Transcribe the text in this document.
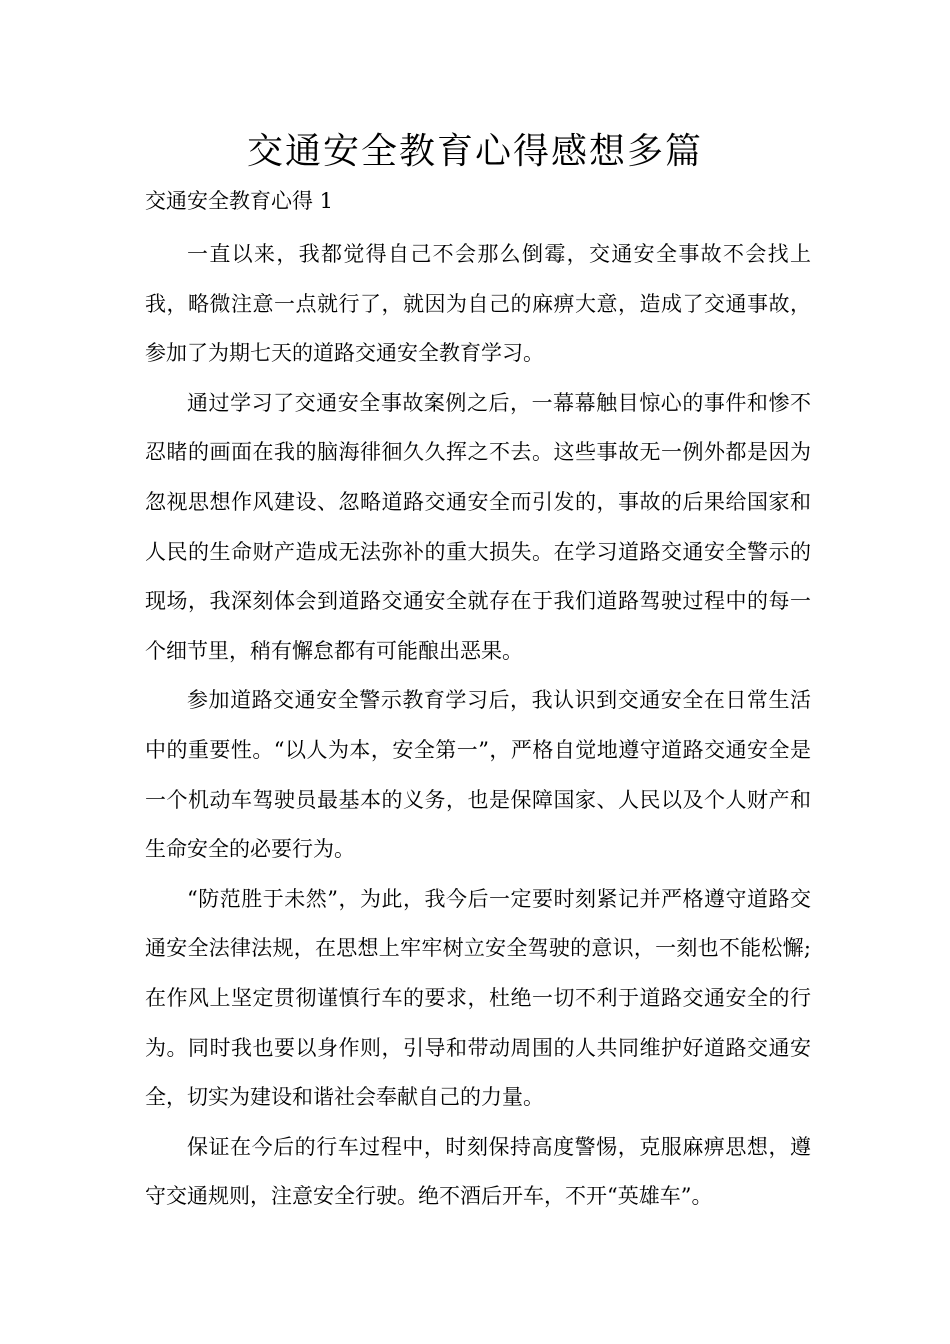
交通安全教育心得感想多篇
交通安全教育心得 1

一直以来，我都觉得自己不会那么倒霉，交通安全事故不会找上我，略微注意一点就行了，就因为自己的麻痹大意，造成了交通事故，参加了为期七天的道路交通安全教育学习。

通过学习了交通安全事故案例之后，一幕幕触目惊心的事件和惨不忍睹的画面在我的脑海徘徊久久挥之不去。这些事故无一例外都是因为忽视思想作风建设、忽略道路交通安全而引发的，事故的后果给国家和人民的生命财产造成无法弥补的重大损失。在学习道路交通安全警示的现场，我深刻体会到道路交通安全就存在于我们道路驾驶过程中的每一个细节里，稍有懈怠都有可能酿出恶果。

参加道路交通安全警示教育学习后，我认识到交通安全在日常生活中的重要性。“以人为本，安全第一”，严格自觉地遵守道路交通安全是一个机动车驾驶员最基本的义务，也是保障国家、人民以及个人财产和生命安全的必要行为。

“防范胜于未然”，为此，我今后一定要时刻紧记并严格遵守道路交通安全法律法规，在思想上牢牢树立安全驾驶的意识，一刻也不能松懈;在作风上坚定贯彻谨慎行车的要求，杜绝一切不利于道路交通安全的行为。同时我也要以身作则，引导和带动周围的人共同维护好道路交通安全，切实为建设和谐社会奉献自己的力量。

保证在今后的行车过程中，时刻保持高度警惕，克服麻痹思想，遵守交通规则，注意安全行驶。绝不酒后开车，不开“英雄车”。
